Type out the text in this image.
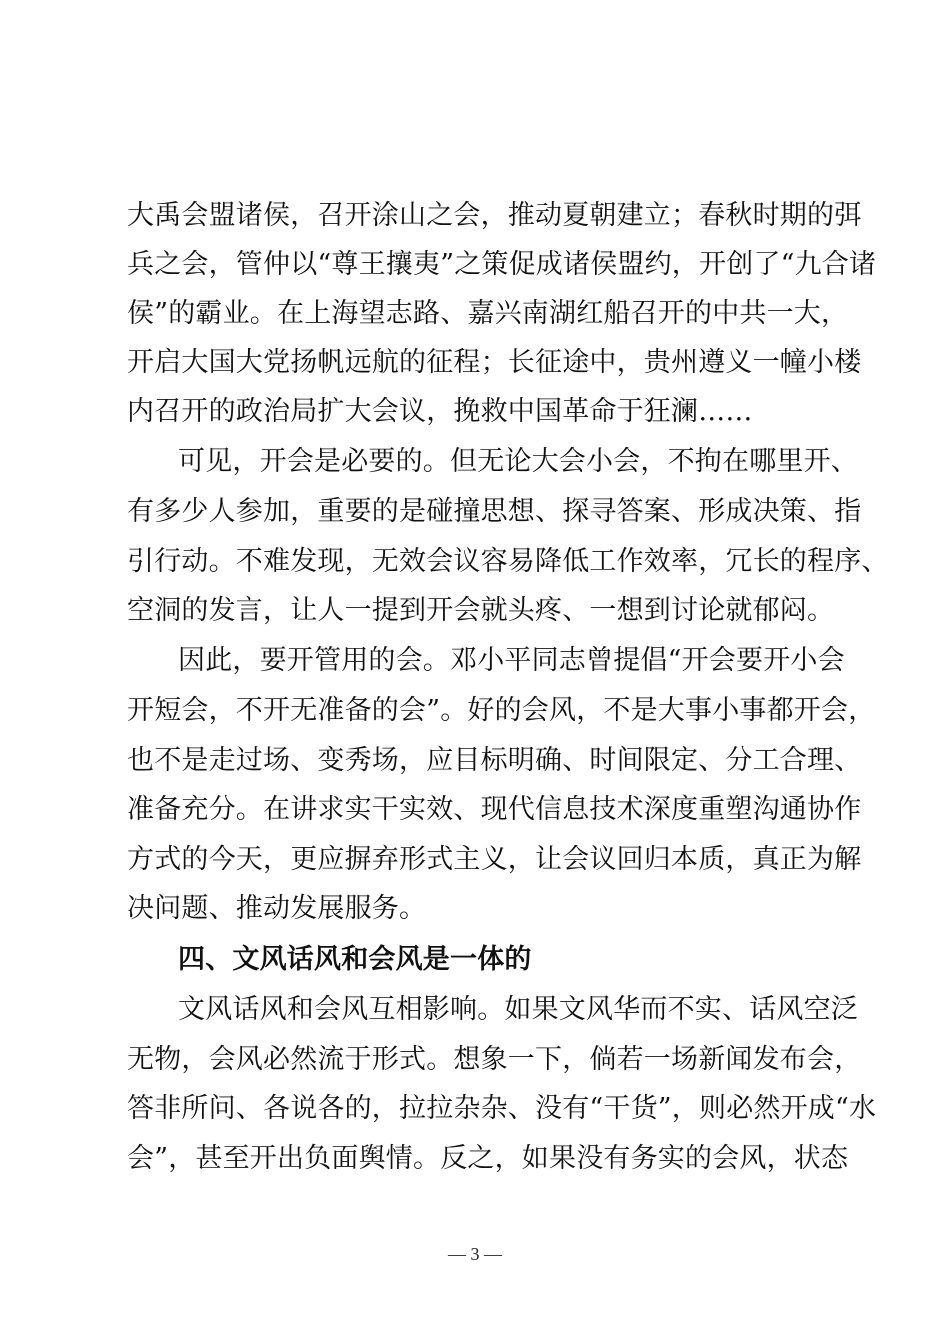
大禹会盟诸侯，召开涂山之会，推动夏朝建立；春秋时期的弭
兵之会，管仲以“尊王攘夷”之策促成诸侯盟约，开创了“九合诸
侯”的霸业。在上海望志路、嘉兴南湖红船召开的中共一大，
开启大国大党扬帆远航的征程；长征途中，贵州遵义一幢小楼
内召开的政治局扩大会议，挽救中国革命于狂澜……
可见，开会是必要的。但无论大会小会，不拘在哪里开、
有多少人参加，重要的是碰撞思想、探寻答案、形成决策、指
引行动。不难发现，无效会议容易降低工作效率，冗长的程序、
空洞的发言，让人一提到开会就头疼、一想到讨论就郁闷。
因此，要开管用的会。邓小平同志曾提倡“开会要开小会
开短会，不开无准备的会”。好的会风，不是大事小事都开会，
也不是走过场、变秀场，应目标明确、时间限定、分工合理、
准备充分。在讲求实干实效、现代信息技术深度重塑沟通协作
方式的今天，更应摒弃形式主义，让会议回归本质，真正为解
决问题、推动发展服务。
四、文风话风和会风是一体的
文风话风和会风互相影响。如果文风华而不实、话风空泛
无物，会风必然流于形式。想象一下，倘若一场新闻发布会，
答非所问、各说各的，拉拉杂杂、没有“干货”，则必然开成“水
会”，甚至开出负面舆情。反之，如果没有务实的会风，状态
— 3 —
